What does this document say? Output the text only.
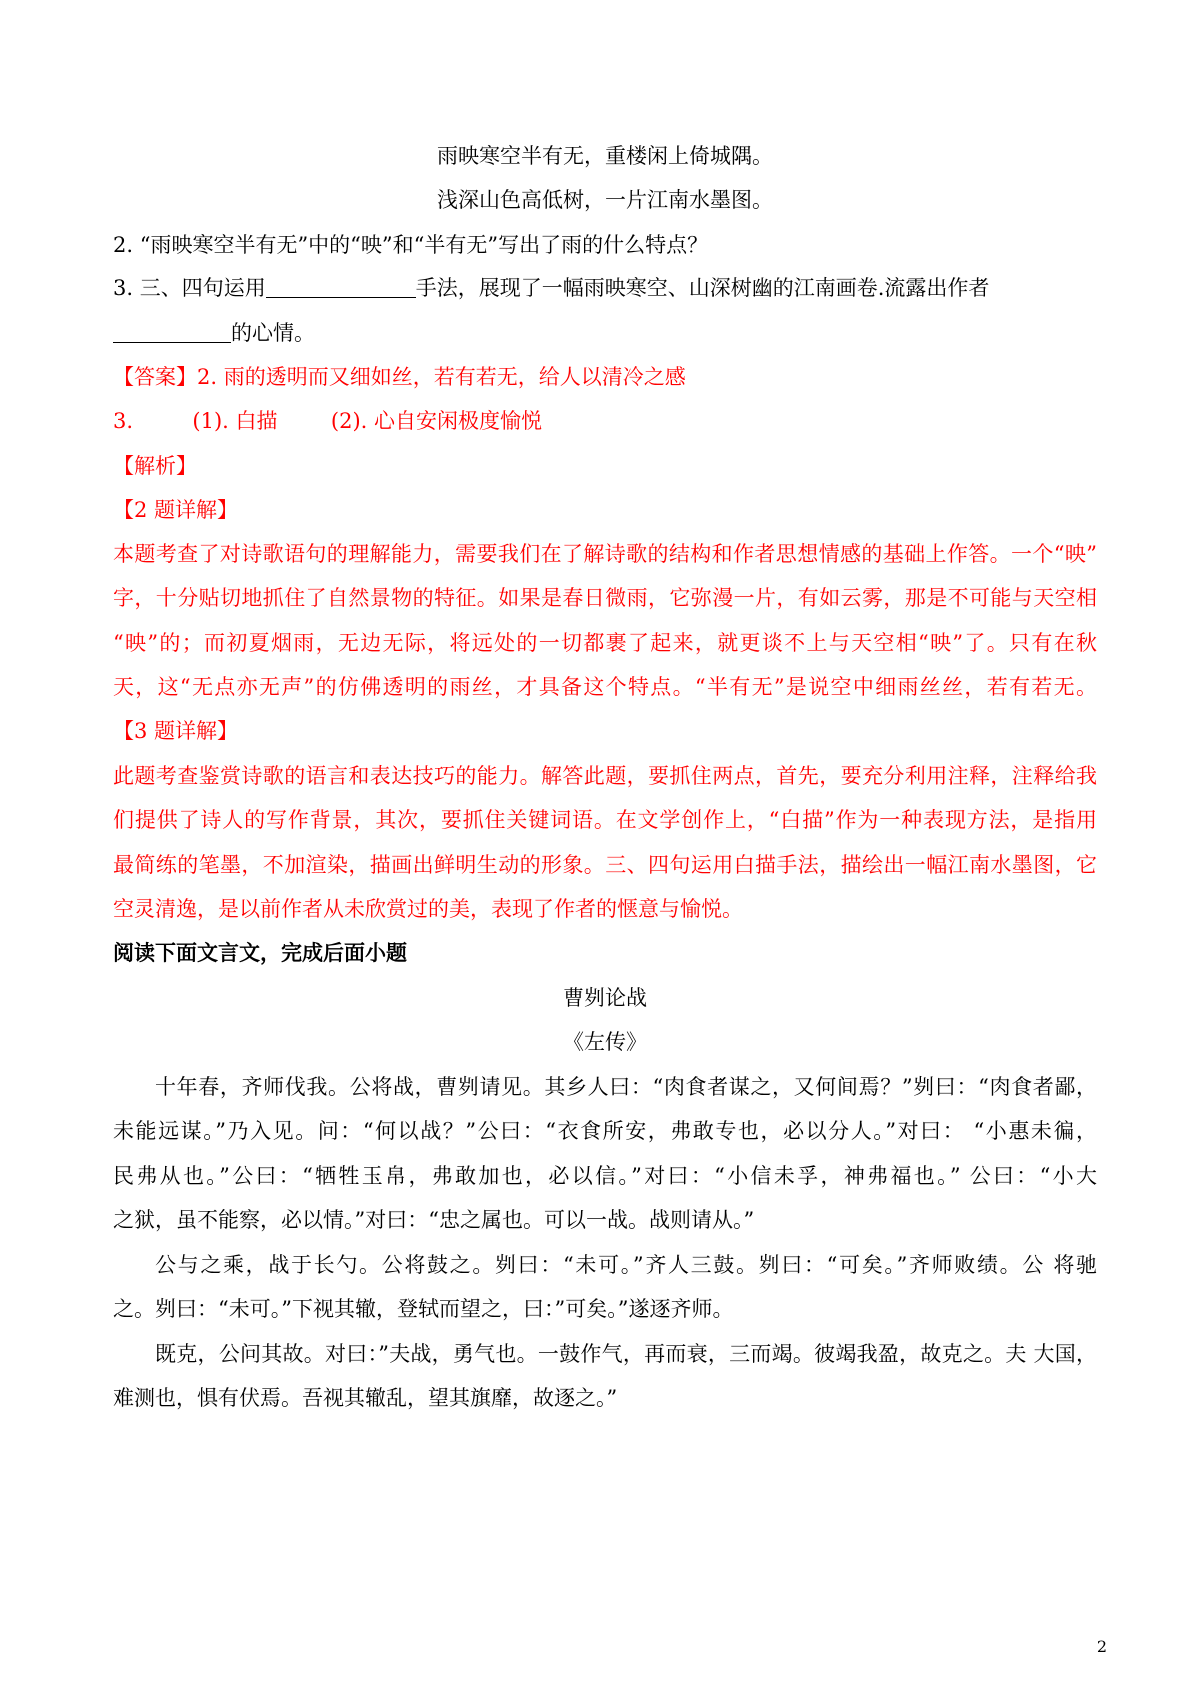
雨映寒空半有无，重楼闲上倚城隅。
浅深山色高低树，一片江南水墨图。
2. “雨映寒空半有无”中的“映”和“半有无”写出了雨的什么特点？
3. 三、四句运用	手法，展现了一幅雨映寒空、山深树幽的江南画卷.流露出作者
的心情。
【答案】2. 雨的透明而又细如丝，若有若无，给人以清冷之感
3.	(1). 白描	(2). 心自安闲极度愉悦
【解析】
【2 题详解】
本题考查了对诗歌语句的理解能力，需要我们在了解诗歌的结构和作者思想情感的基础上作答。一个“映”
字，十分贴切地抓住了自然景物的特征。如果是春日微雨，它弥漫一片，有如云雾，那是不可能与天空相
“映”的；而初夏烟雨，无边无际，将远处的一切都裹了起来，就更谈不上与天空相“映”了。只有在秋
天，这“无点亦无声”的仿佛透明的雨丝，才具备这个特点。“半有无”是说空中细雨丝丝，若有若无。
【3 题详解】
此题考查鉴赏诗歌的语言和表达技巧的能力。解答此题，要抓住两点，首先，要充分利用注释，注释给我
们提供了诗人的写作背景，其次，要抓住关键词语。在文学创作上，“白描”作为一种表现方法，是指用
最简练的笔墨，不加渲染，描画出鲜明生动的形象。三、四句运用白描手法，描绘出一幅江南水墨图，它
空灵清逸，是以前作者从未欣赏过的美，表现了作者的惬意与愉悦。
阅读下面文言文，完成后面小题
曹刿论战
《左传》
十年春，齐师伐我。公将战，曹刿请见。其乡人曰：“肉食者谋之，又何间焉？”刿曰：“肉食者鄙，
未能远谋。”乃入见。问：“何以战？”公曰：“衣食所安，弗敢专也，必以分人。”对曰： “小惠未徧，
民弗从也。”公曰：“牺牲玉帛，弗敢加也，必以信。”对曰：“小信未孚，神弗福也。” 公曰：“小大
之狱，虽不能察，必以情。”对曰：“忠之属也。可以一战。战则请从。”
公与之乘，战于长勺。公将鼓之。刿曰：“未可。”齐人三鼓。刿曰：“可矣。”齐师败绩。公 将驰
之。刿曰：“未可。”下视其辙，登轼而望之，曰：”可矣。”遂逐齐师。
既克，公问其故。对曰：”夫战，勇气也。一鼓作气，再而衰，三而竭。彼竭我盈，故克之。夫 大国，
难测也，惧有伏焉。吾视其辙乱，望其旗靡，故逐之。”
2
